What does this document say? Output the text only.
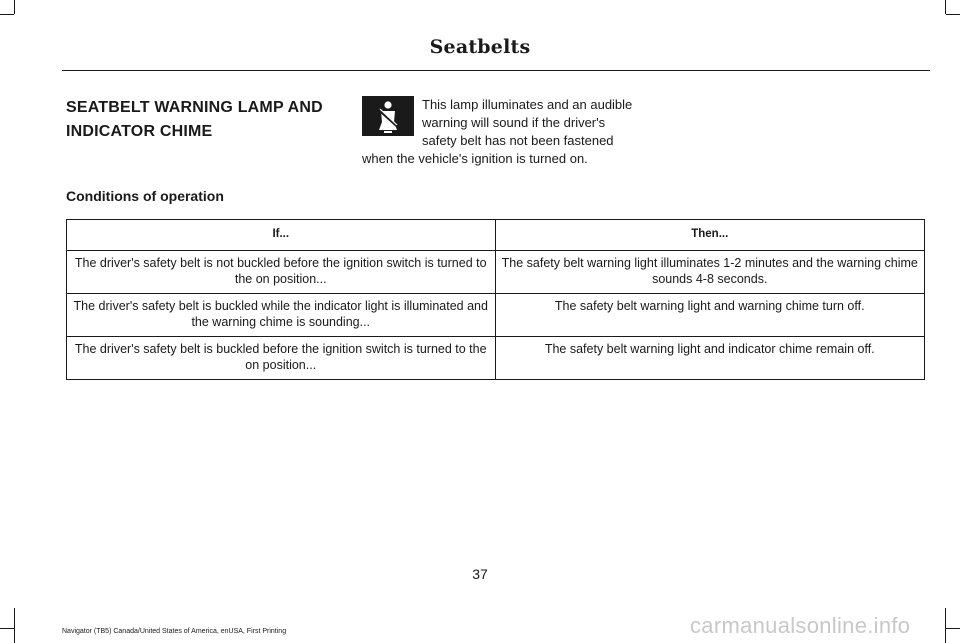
Seatbelts
SEATBELT WARNING LAMP AND INDICATOR CHIME
This lamp illuminates and an audible warning will sound if the driver's safety belt has not been fastened when the vehicle's ignition is turned on.
Conditions of operation
If...	Then...
The driver's safety belt is not buckled before the ignition switch is turned to the on position...	The safety belt warning light illuminates 1-2 minutes and the warning chime sounds 4-8 seconds.
The driver's safety belt is buckled while the indicator light is illuminated and the warning chime is sounding...	The safety belt warning light and warning chime turn off.
The driver's safety belt is buckled before the ignition switch is turned to the on position...	The safety belt warning light and indicator chime remain off.
37
Navigator (TB5) Canada/United States of America, enUSA, First Printing	carmanualsonline.info
